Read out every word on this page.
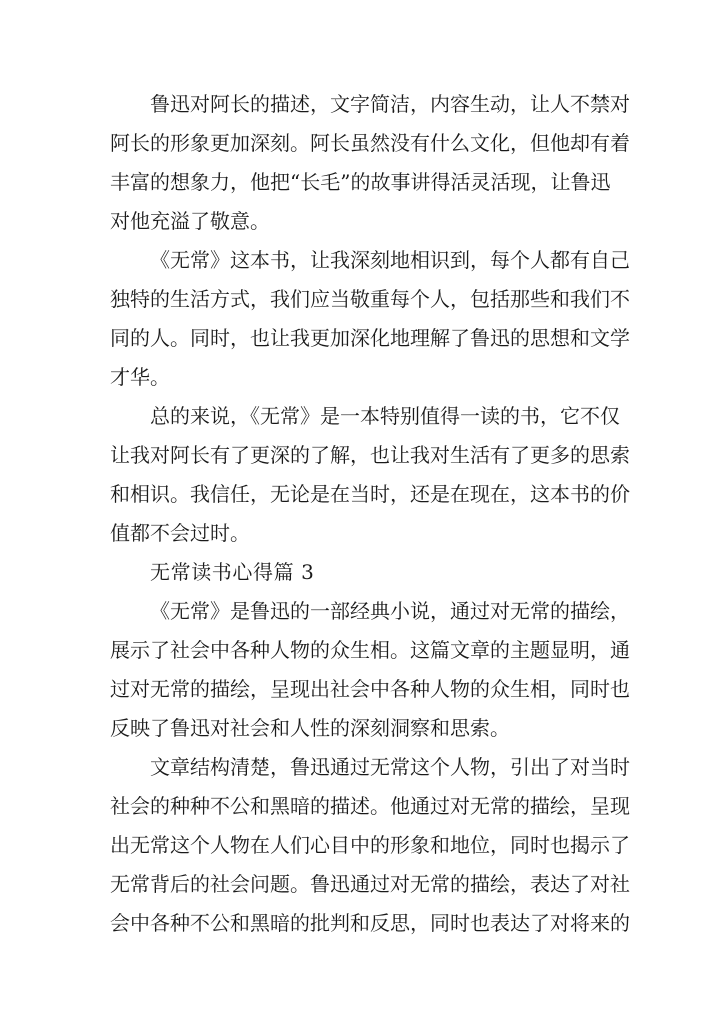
鲁迅对阿长的描述，文字简洁，内容生动，让人不禁对
阿长的形象更加深刻。阿长虽然没有什么文化，但他却有着
丰富的想象力，他把“长毛”的故事讲得活灵活现，让鲁迅
对他充溢了敬意。
《无常》这本书，让我深刻地相识到，每个人都有自己
独特的生活方式，我们应当敬重每个人，包括那些和我们不
同的人。同时，也让我更加深化地理解了鲁迅的思想和文学
才华。
总的来说，《无常》是一本特别值得一读的书，它不仅
让我对阿长有了更深的了解，也让我对生活有了更多的思索
和相识。我信任，无论是在当时，还是在现在，这本书的价
值都不会过时。
无常读书心得篇 3
《无常》是鲁迅的一部经典小说，通过对无常的描绘，
展示了社会中各种人物的众生相。这篇文章的主题显明，通
过对无常的描绘，呈现出社会中各种人物的众生相，同时也
反映了鲁迅对社会和人性的深刻洞察和思索。
文章结构清楚，鲁迅通过无常这个人物，引出了对当时
社会的种种不公和黑暗的描述。他通过对无常的描绘，呈现
出无常这个人物在人们心目中的形象和地位，同时也揭示了
无常背后的社会问题。鲁迅通过对无常的描绘，表达了对社
会中各种不公和黑暗的批判和反思，同时也表达了对将来的
